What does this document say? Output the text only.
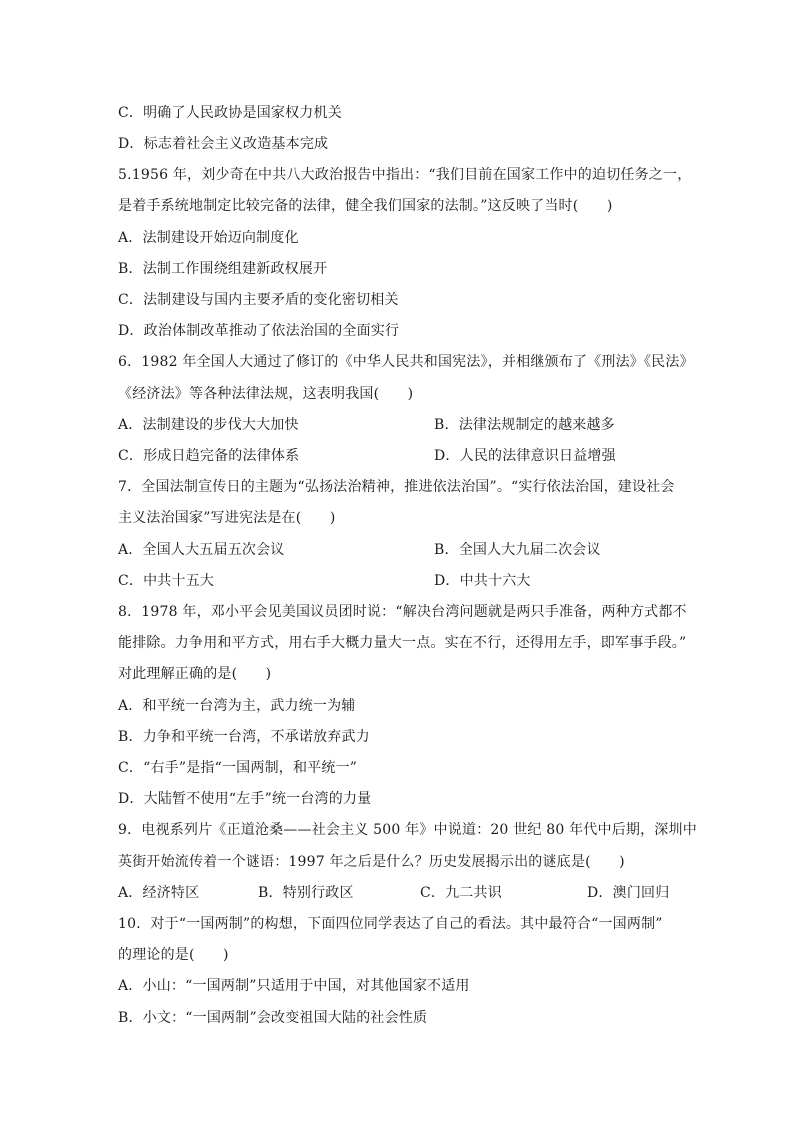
C．明确了人民政协是国家权力机关
D．标志着社会主义改造基本完成
5.1956 年，刘少奇在中共八大政治报告中指出：“我们目前在国家工作中的迫切任务之一，
是着手系统地制定比较完备的法律，健全我们国家的法制。”这反映了当时(　　)
A．法制建设开始迈向制度化
B．法制工作围绕组建新政权展开
C．法制建设与国内主要矛盾的变化密切相关
D．政治体制改革推动了依法治国的全面实行
6．1982 年全国人大通过了修订的《中华人民共和国宪法》，并相继颁布了《刑法》《民法》
《经济法》等各种法律法规，这表明我国(　　)
A．法制建设的步伐大大加快	B．法律法规制定的越来越多
C．形成日趋完备的法律体系	D．人民的法律意识日益增强
7．全国法制宣传日的主题为“弘扬法治精神，推进依法治国”。“实行依法治国，建设社会
主义法治国家”写进宪法是在(　　)
A．全国人大五届五次会议	B．全国人大九届二次会议
C．中共十五大	D．中共十六大
8．1978 年，邓小平会见美国议员团时说：“解决台湾问题就是两只手准备，两种方式都不
能排除。力争用和平方式，用右手大概力量大一点。实在不行，还得用左手，即军事手段。”
对此理解正确的是(　　)
A．和平统一台湾为主，武力统一为辅
B．力争和平统一台湾，不承诺放弃武力
C．“右手”是指“一国两制，和平统一”
D．大陆暂不使用“左手”统一台湾的力量
9．电视系列片《正道沧桑——社会主义 500 年》中说道：20 世纪 80 年代中后期，深圳中
英街开始流传着一个谜语：1997 年之后是什么？历史发展揭示出的谜底是(　　)
A．经济特区	B．特别行政区	C．九二共识	D．澳门回归
10．对于“一国两制”的构想，下面四位同学表达了自己的看法。其中最符合“一国两制”
的理论的是(　　)
A．小山：“一国两制”只适用于中国，对其他国家不适用
B．小文：“一国两制”会改变祖国大陆的社会性质
